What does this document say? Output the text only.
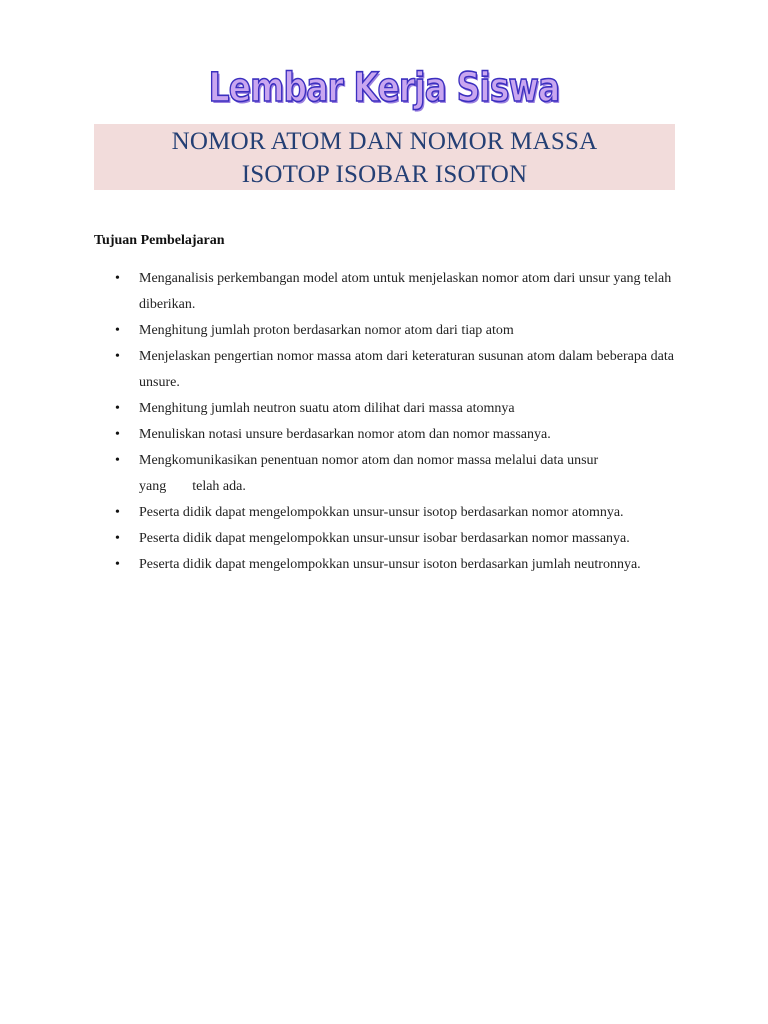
Lembar Kerja Siswa
NOMOR ATOM DAN NOMOR MASSA
ISOTOP ISOBAR ISOTON
Tujuan Pembelajaran
• Menganalisis perkembangan model atom untuk menjelaskan nomor atom dari unsur yang telah diberikan.
• Menghitung jumlah proton berdasarkan nomor atom dari tiap atom
• Menjelaskan pengertian nomor massa atom dari keteraturan susunan atom dalam beberapa data unsure.
• Menghitung jumlah neutron suatu atom dilihat dari massa atomnya
• Menuliskan notasi unsure berdasarkan nomor atom dan nomor massanya.
• Mengkomunikasikan penentuan nomor atom dan nomor massa melalui data unsur
yang telah ada.
• Peserta didik dapat mengelompokkan unsur-unsur isotop berdasarkan nomor atomnya.
• Peserta didik dapat mengelompokkan unsur-unsur isobar berdasarkan nomor massanya.
• Peserta didik dapat mengelompokkan unsur-unsur isoton berdasarkan jumlah neutronnya.
